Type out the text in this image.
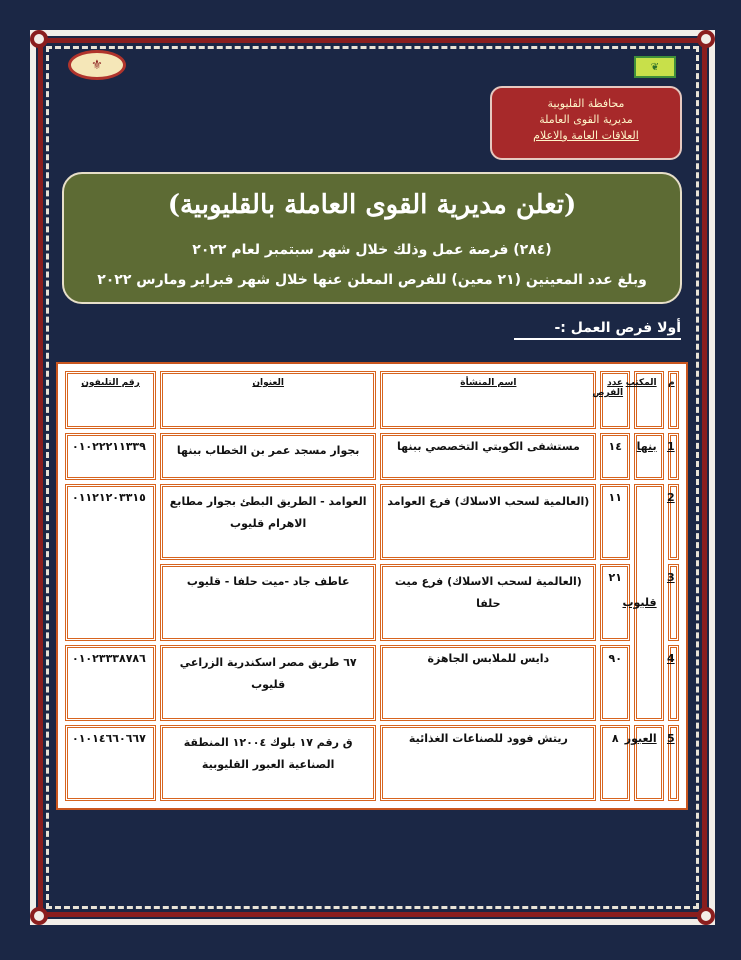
⚜	❦
محافظة القليوبية
مديرية القوى العاملة
العلاقات العامة والاعلام
(تعلن مديرية القوى العاملة بالقليوبية)
(٢٨٤) فرصة عمل وذلك خلال شهر سبتمبر لعام ٢٠٢٢
وبلغ عدد المعينين (٢١ معين) للفرص المعلن عنها خلال شهر فبراير ومارس ٢٠٢٢
أولا فرص العمل :-
م	المكتب	عدد الفرص	اسم المنشأة	العنوان	رقم التليفون
1	بنها	١٤	مستشفى الكويتي التخصصي ببنها	بجوار مسجد عمر بن الخطاب ببنها	٠١٠٢٢٢١١٣٣٩
2	قليوب	١١	(العالمية لسحب الاسلاك) فرع العوامد	العوامد - الطريق البطئ بجوار مطابع الاهرام قليوب	٠١١٢١٢٠٣٣١٥
3		٢١	(العالمية لسحب الاسلاك) فرع ميت حلفا	عاطف جاد -ميت حلفا - قليوب	
4		٩٠	دايس للملابس الجاهزة	٦٧ طريق مصر اسكندرية الزراعي قليوب	٠١٠٢٣٣٣٨٧٨٦
5	العبور	٨	ريتش فوود للصناعات الغذائية	ق رقم ١٧ بلوك ١٢٠٠٤ المنطقة الصناعية العبور القليوبية	٠١٠١٤٦٦٠٦٦٧
